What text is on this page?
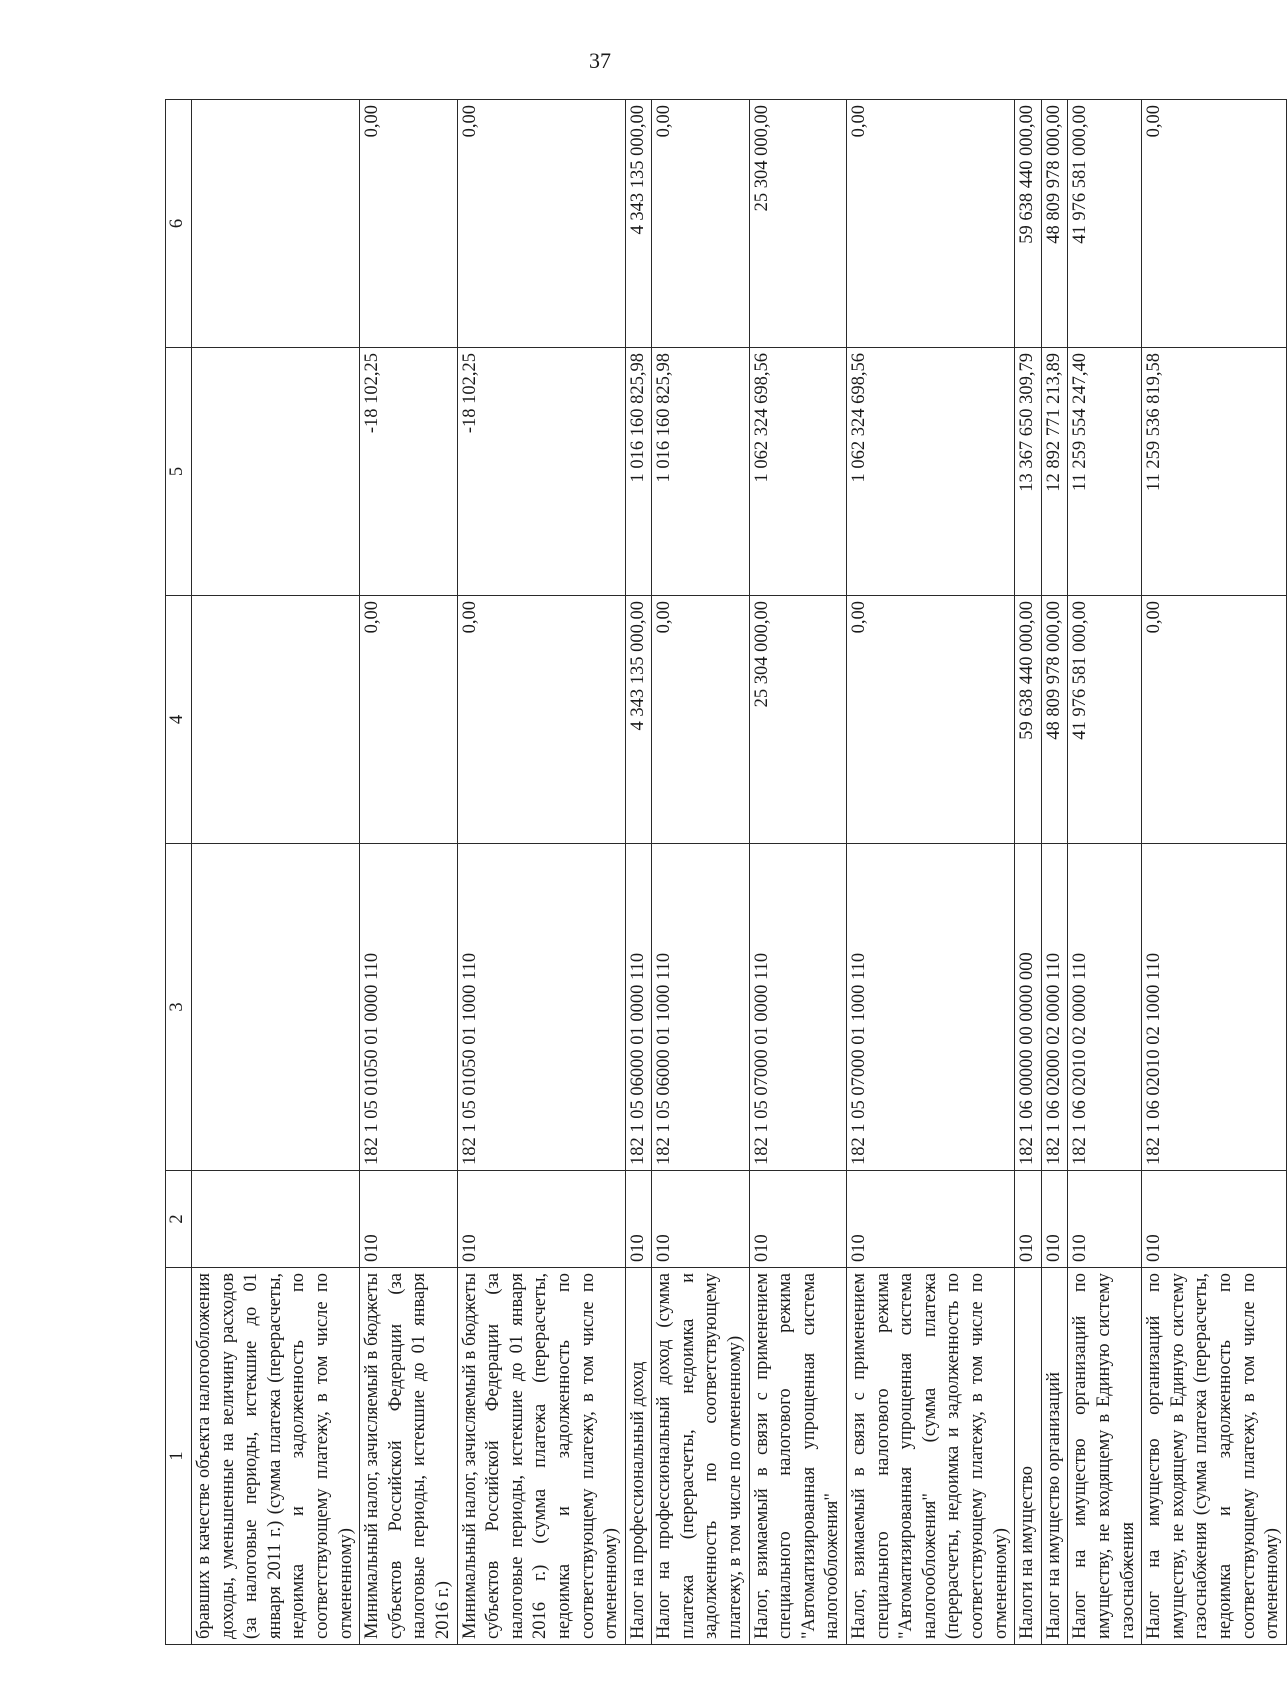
37
1	2	3	4	5	6
бравших в качестве объекта налогообложения доходы, уменьшенные на величину расходов (за налоговые периоды, истекшие до 01 января 2011 г.) (сумма платежа (перерасчеты, недоимка и задолженность по соответствующему платежу, в том числе по отмененному)					
Минимальный налог, зачисляемый в бюджеты субъектов Российской Федерации (за налоговые периоды, истекшие до 01 января 2016 г.)	010	182 1 05 01050 01 0000 110	0,00	-18 102,25	0,00
Минимальный налог, зачисляемый в бюджеты субъектов Российской Федерации (за налоговые периоды, истекшие до 01 января 2016 г.) (сумма платежа (перерасчеты, недоимка и задолженность по соответствующему платежу, в том числе по отмененному)	010	182 1 05 01050 01 1000 110	0,00	-18 102,25	0,00
Налог на профессиональный доход	010	182 1 05 06000 01 0000 110	4 343 135 000,00	1 016 160 825,98	4 343 135 000,00
Налог на профессиональный доход (сумма платежа (перерасчеты, недоимка и задолженность по соответствующему платежу, в том числе по отмененному)	010	182 1 05 06000 01 1000 110	0,00	1 016 160 825,98	0,00
Налог, взимаемый в связи с применением специального налогового режима "Автоматизированная упрощенная система налогообложения"	010	182 1 05 07000 01 0000 110	25 304 000,00	1 062 324 698,56	25 304 000,00
Налог, взимаемый в связи с применением специального налогового режима "Автоматизированная упрощенная система налогообложения" (сумма платежа (перерасчеты, недоимка и задолженность по соответствующему платежу, в том числе по отмененному)	010	182 1 05 07000 01 1000 110	0,00	1 062 324 698,56	0,00
Налоги на имущество	010	182 1 06 00000 00 0000 000	59 638 440 000,00	13 367 650 309,79	59 638 440 000,00
Налог на имущество организаций	010	182 1 06 02000 02 0000 110	48 809 978 000,00	12 892 771 213,89	48 809 978 000,00
Налог на имущество организаций по имуществу, не входящему в Единую систему газоснабжения	010	182 1 06 02010 02 0000 110	41 976 581 000,00	11 259 554 247,40	41 976 581 000,00
Налог на имущество организаций по имуществу, не входящему в Единую систему газоснабжения (сумма платежа (перерасчеты, недоимка и задолженность по соответствующему платежу, в том числе по отмененному)	010	182 1 06 02010 02 1000 110	0,00	11 259 536 819,58	0,00
